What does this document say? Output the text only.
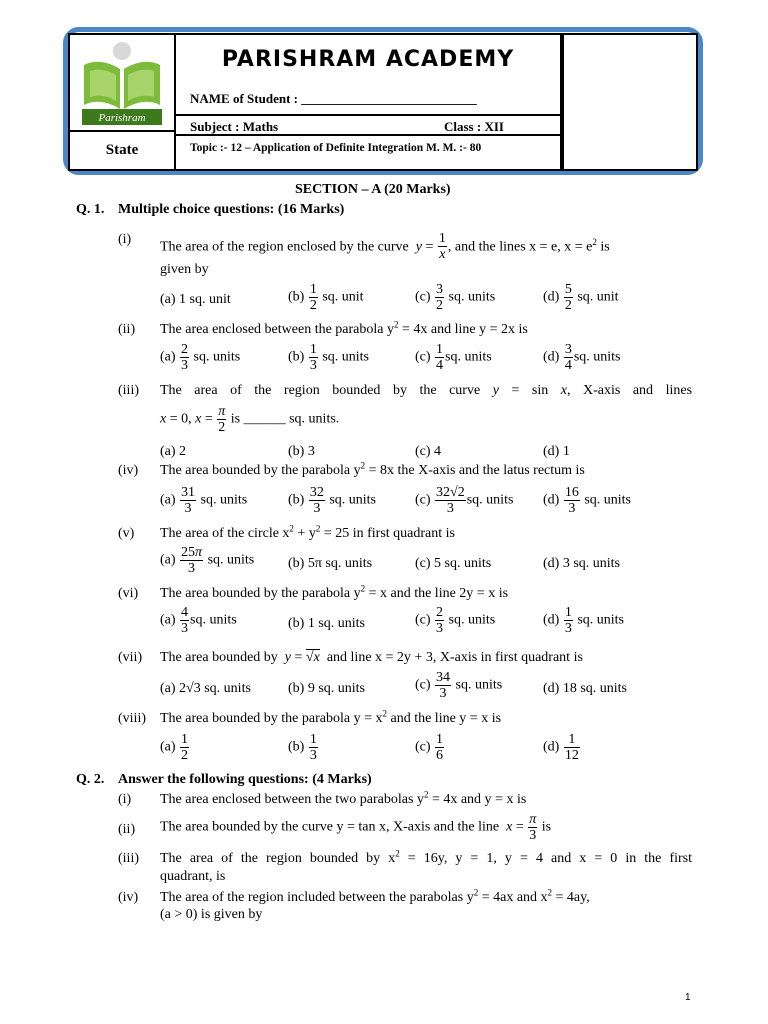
Parishram
State
PARISHRAM ACADEMY
NAME of Student : ___________________________
Subject : Maths	Class : XII
Topic :- 12 – Application of Definite Integration M. M. :- 80
SECTION – A (20 Marks)
Q. 1. Multiple choice questions: (16 Marks)
(i)
The area of the region enclosed by the curve $y = \frac{1}{x}$ , and the lines x = e, $x = e^2$ is
given by
(a) 1 sq. unit	$(b) \frac{1}{2}$ sq. unit	$(c) \frac{3}{2}$ sq. units	$(d) \frac{5}{2}$ sq. unit
(ii) The area enclosed between the parabola $y^2 = 4x$ and line y = 2x is
$(a) \frac{2}{3}$ sq. units	$(b) \frac{1}{3}$ sq. units	$(c) \frac{1}{4}$ sq. units	$(d) \frac{3}{4}$ sq. units
(iii) The area of the region bounded by the curve y = sin x, X-axis and lines
x = 0, $x = \frac{\pi}{2}$ is ______ sq. units.
(a) 2	(b) 3	(c) 4	(d) 1
(iv) The area bounded by the parabola $y^2 = 8x$ the X-axis and the latus rectum is
$(a) \frac{31}{3}$ sq. units	$(b) \frac{32}{3}$ sq. units	$(c) \frac{32√2}{3}$ sq. units $(d) \frac{16}{3}$ sq. units
(v) The area of the circle $x^2 + y^2 = 25$ in first quadrant is
$(a) \frac{25\pi}{3}$ sq. units (b) 5π sq. units	(c) 5 sq. units	(d) 3 sq. units
(vi) The area bounded by the parabola $y^2 = x$ and the line 2y = x is
$(a) \frac{4}{3}$ sq. units	(b) 1 sq. units	$(c) \frac{2}{3}$ sq. units	$(d) \frac{1}{3}$ sq. units
(vii) The area bounded by y = √x and line x = 2y + 3, X-axis in first quadrant is
(a) 2√3 sq. units	(b) 9 sq. units	$(c) \frac{34}{3}$ sq. units	(d) 18 sq. units
(viii) The area bounded by the parabola $y = x^2$ and the line y = x is
$(a) \frac{1}{2}$	$(b) \frac{1}{3}$	$(c) \frac{1}{6}$	$(d) \frac{1}{12}$
Q. 2. Answer the following questions: (4 Marks)
(i) The area enclosed between the two parabolas $y^2 = 4x$ and y = x is
(ii) The area bounded by the curve y = tan x, X-axis and the line $x = \frac{\pi}{3}$ is
(iii) The area of the region bounded by $x^2 = 16y$, y = 1, y = 4 and x = 0 in the first
quadrant, is
(iv) The area of the region included between the parabolas $y^2 = 4ax$ and $x^2 = 4ay$,
(a > 0) is given by
1
